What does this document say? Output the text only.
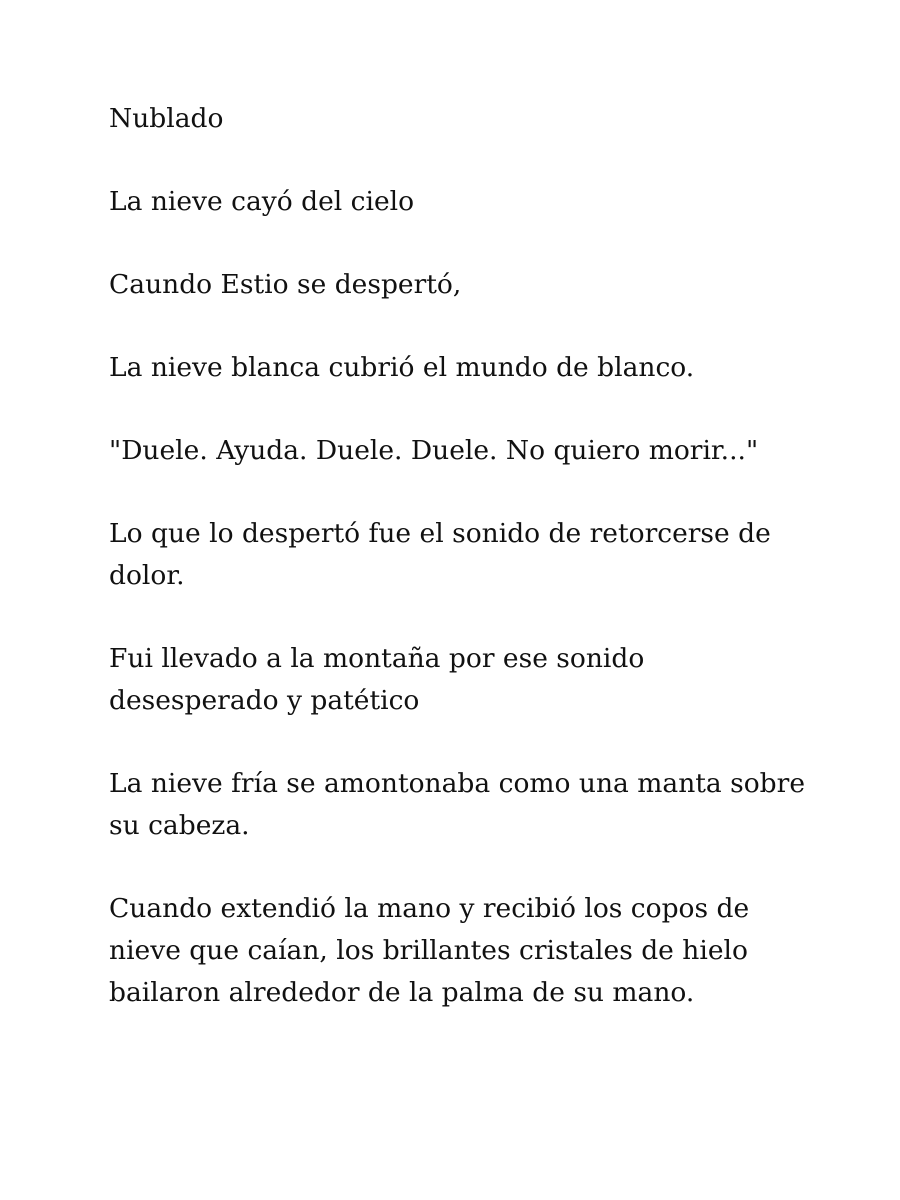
Nublado

La nieve cayó del cielo

Caundo Estio se despertó,

La nieve blanca cubrió el mundo de blanco.

"Duele. Ayuda. Duele. Duele. No quiero morir..."

Lo que lo despertó fue el sonido de retorcerse de dolor.

Fui llevado a la montaña por ese sonido desesperado y patético

La nieve fría se amontonaba como una manta sobre su cabeza.

Cuando extendió la mano y recibió los copos de nieve que caían, los brillantes cristales de hielo bailaron alrededor de la palma de su mano.
